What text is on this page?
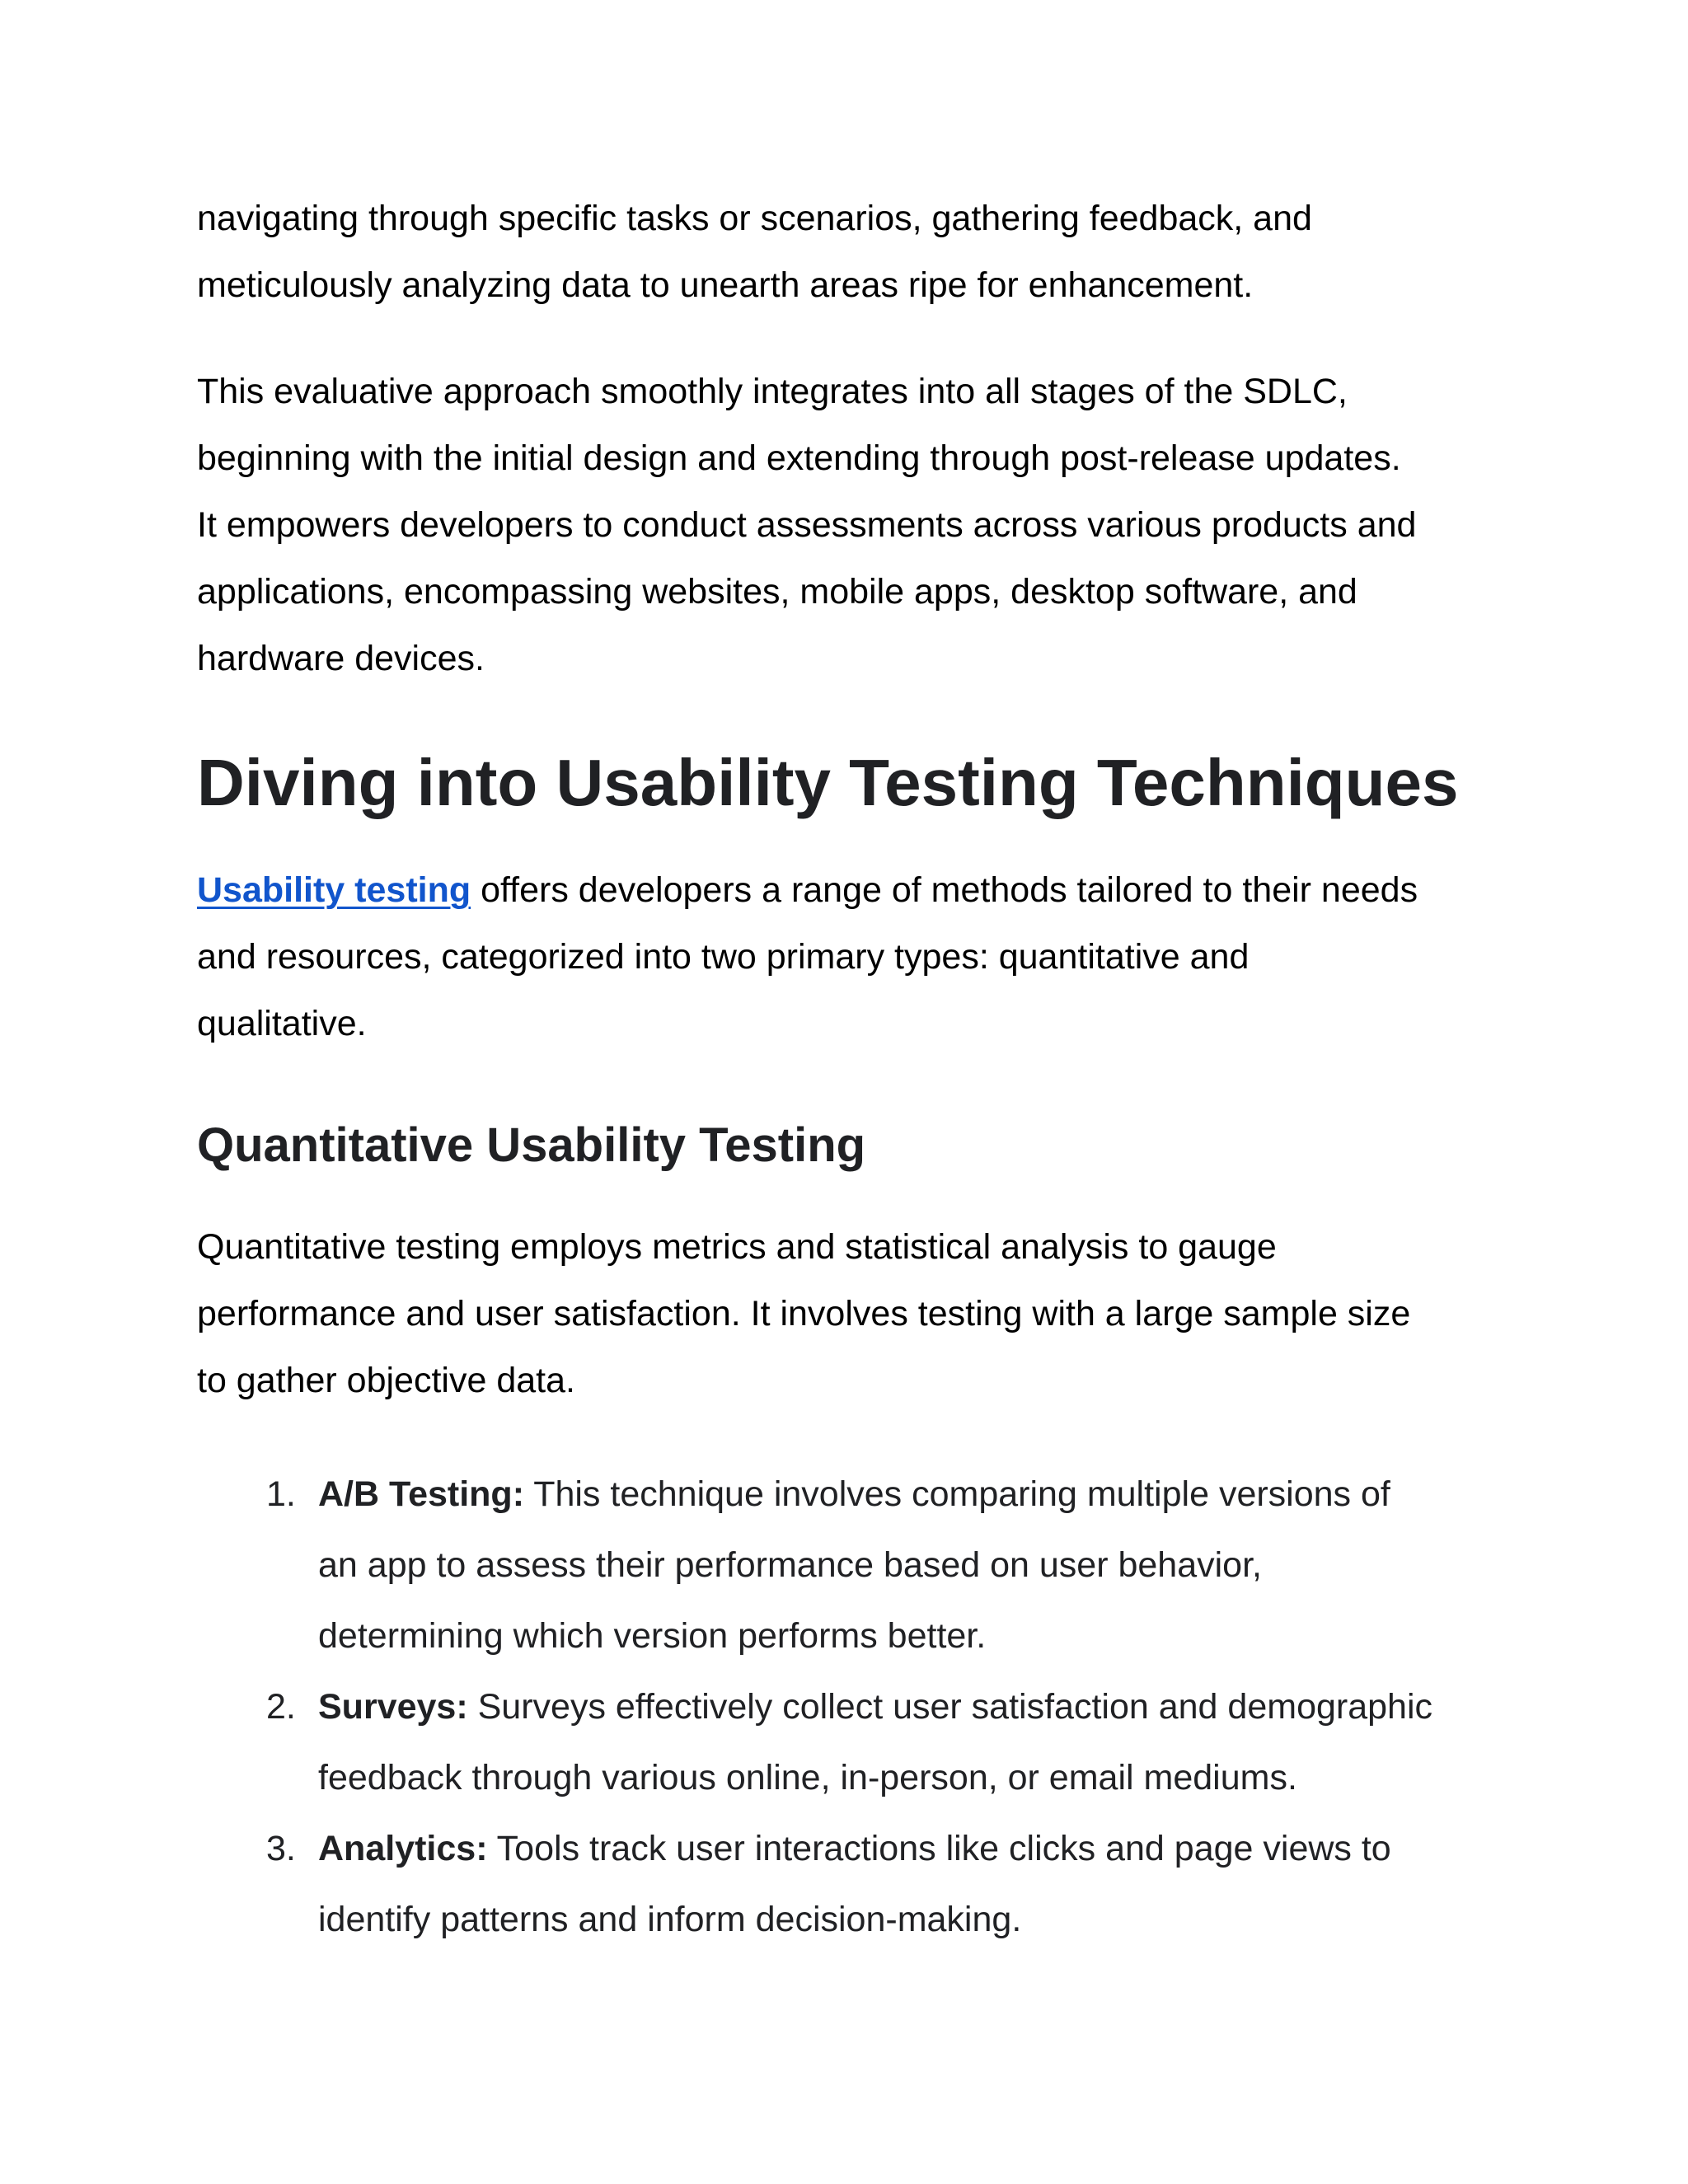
navigating through specific tasks or scenarios, gathering feedback, and
meticulously analyzing data to unearth areas ripe for enhancement.

This evaluative approach smoothly integrates into all stages of the SDLC,
beginning with the initial design and extending through post-release updates.
It empowers developers to conduct assessments across various products and
applications, encompassing websites, mobile apps, desktop software, and
hardware devices.

Diving into Usability Testing Techniques

Usability testing offers developers a range of methods tailored to their needs
and resources, categorized into two primary types: quantitative and
qualitative.

Quantitative Usability Testing

Quantitative testing employs metrics and statistical analysis to gauge
performance and user satisfaction. It involves testing with a large sample size
to gather objective data.

1. A/B Testing: This technique involves comparing multiple versions of
an app to assess their performance based on user behavior,
determining which version performs better.
2. Surveys: Surveys effectively collect user satisfaction and demographic
feedback through various online, in-person, or email mediums.
3. Analytics: Tools track user interactions like clicks and page views to
identify patterns and inform decision-making.
